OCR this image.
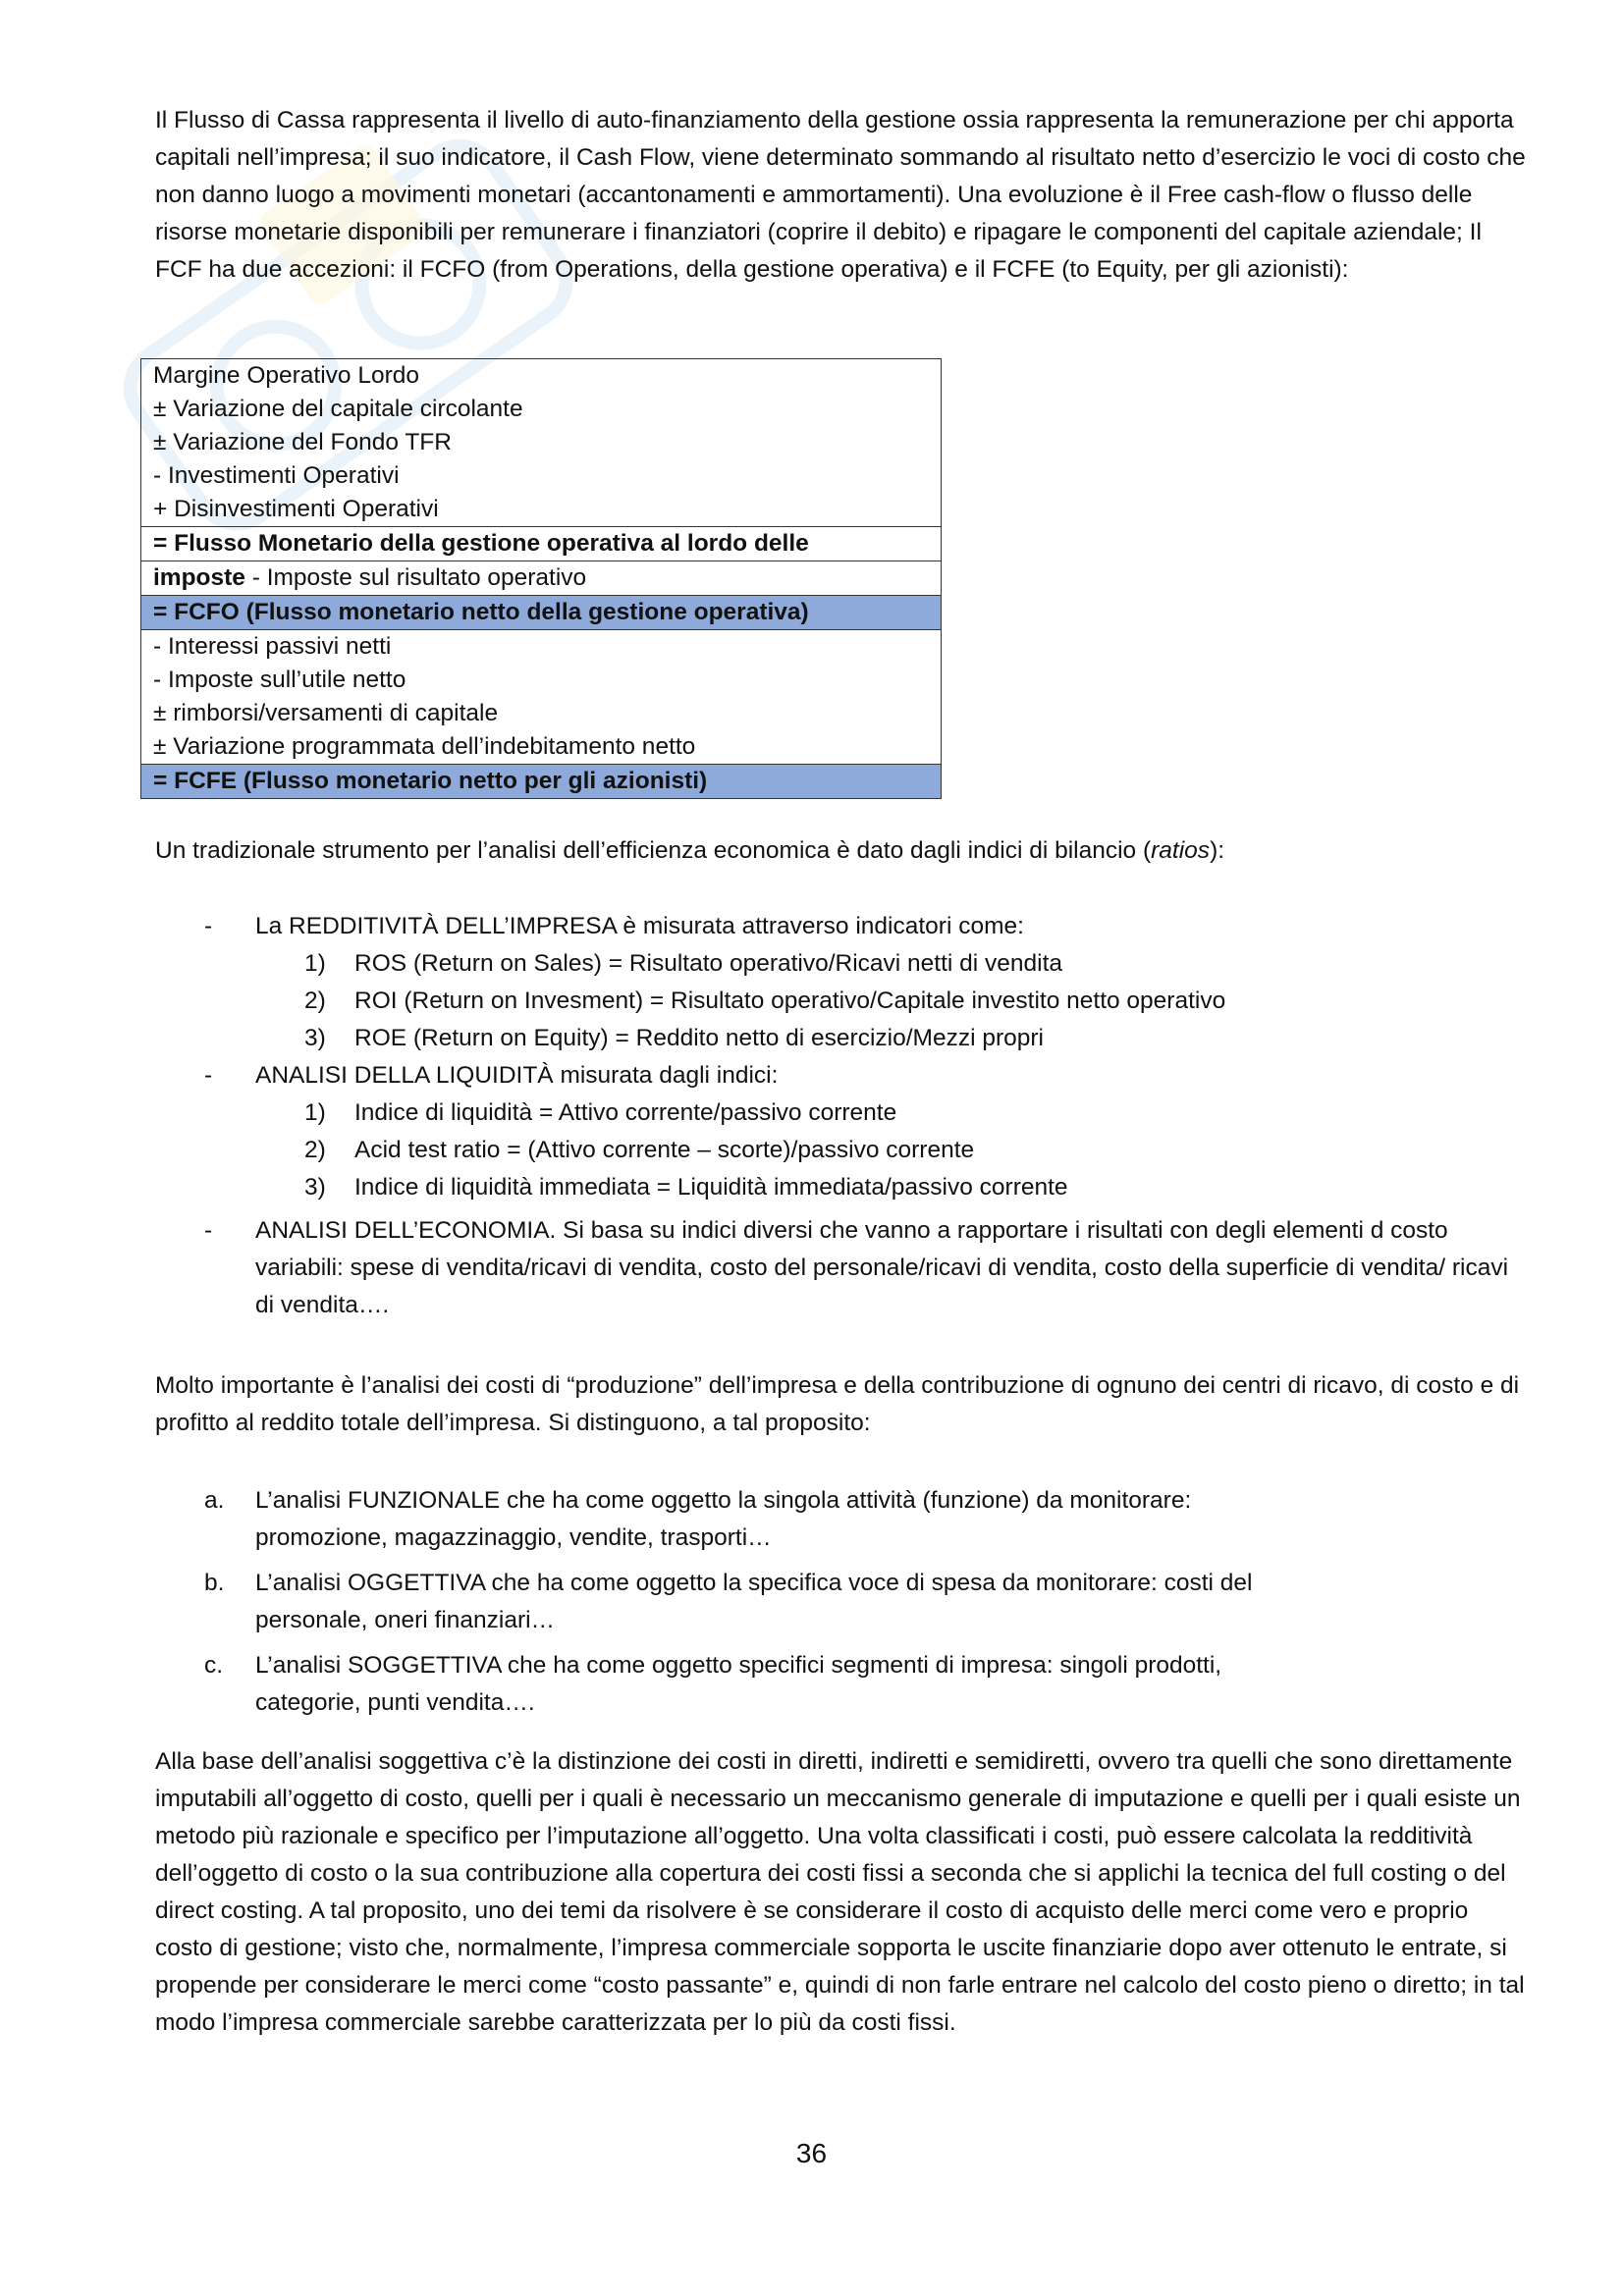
Il Flusso di Cassa rappresenta il livello di auto-finanziamento della gestione ossia rappresenta la remunerazione per chi apporta capitali nell’impresa; il suo indicatore, il Cash Flow, viene determinato sommando al risultato netto d’esercizio le voci di costo che non danno luogo a movimenti monetari (accantonamenti e ammortamenti). Una evoluzione è il Free cash-flow o flusso delle risorse monetarie disponibili per remunerare i finanziatori (coprire il debito) e ripagare le componenti del capitale aziendale; Il FCF ha due accezioni: il FCFO (from Operations, della gestione operativa) e il FCFE (to Equity, per gli azionisti):
Margine Operativo Lordo
± Variazione del capitale circolante
± Variazione del Fondo TFR
- Investimenti Operativi
+ Disinvestimenti Operativi
= Flusso Monetario della gestione operativa al lordo delle
imposte - Imposte sul risultato operativo
= FCFO (Flusso monetario netto della gestione operativa)
- Interessi passivi netti
- Imposte sull’utile netto
± rimborsi/versamenti di capitale
± Variazione programmata dell’indebitamento netto
= FCFE (Flusso monetario netto per gli azionisti)
Un tradizionale strumento per l’analisi dell’efficienza economica è dato dagli indici di bilancio (ratios):
- La REDDITIVITÀ DELL’IMPRESA è misurata attraverso indicatori come:
1) ROS (Return on Sales) = Risultato operativo/Ricavi netti di vendita
2) ROI (Return on Invesment) = Risultato operativo/Capitale investito netto operativo
3) ROE (Return on Equity) = Reddito netto di esercizio/Mezzi propri
- ANALISI DELLA LIQUIDITÀ misurata dagli indici:
1) Indice di liquidità = Attivo corrente/passivo corrente
2) Acid test ratio = (Attivo corrente – scorte)/passivo corrente
3) Indice di liquidità immediata = Liquidità immediata/passivo corrente
- ANALISI DELL’ECONOMIA. Si basa su indici diversi che vanno a rapportare i risultati con degli elementi d costo variabili: spese di vendita/ricavi di vendita, costo del personale/ricavi di vendita, costo della superficie di vendita/ ricavi di vendita….
Molto importante è l’analisi dei costi di “produzione” dell’impresa e della contribuzione di ognuno dei centri di ricavo, di costo e di profitto al reddito totale dell’impresa. Si distinguono, a tal proposito:
a. L’analisi FUNZIONALE che ha come oggetto la singola attività (funzione) da monitorare: promozione, magazzinaggio, vendite, trasporti…
b. L’analisi OGGETTIVA che ha come oggetto la specifica voce di spesa da monitorare: costi del personale, oneri finanziari…
c. L’analisi SOGGETTIVA che ha come oggetto specifici segmenti di impresa: singoli prodotti, categorie, punti vendita….
Alla base dell’analisi soggettiva c’è la distinzione dei costi in diretti, indiretti e semidiretti, ovvero tra quelli che sono direttamente imputabili all’oggetto di costo, quelli per i quali è necessario un meccanismo generale di imputazione e quelli per i quali esiste un metodo più razionale e specifico per l’imputazione all’oggetto. Una volta classificati i costi, può essere calcolata la redditività dell’oggetto di costo o la sua contribuzione alla copertura dei costi fissi a seconda che si applichi la tecnica del full costing o del direct costing. A tal proposito, uno dei temi da risolvere è se considerare il costo di acquisto delle merci come vero e proprio costo di gestione; visto che, normalmente, l’impresa commerciale sopporta le uscite finanziarie dopo aver ottenuto le entrate, si propende per considerare le merci come “costo passante” e, quindi di non farle entrare nel calcolo del costo pieno o diretto; in tal modo l’impresa commerciale sarebbe caratterizzata per lo più da costi fissi.
36
